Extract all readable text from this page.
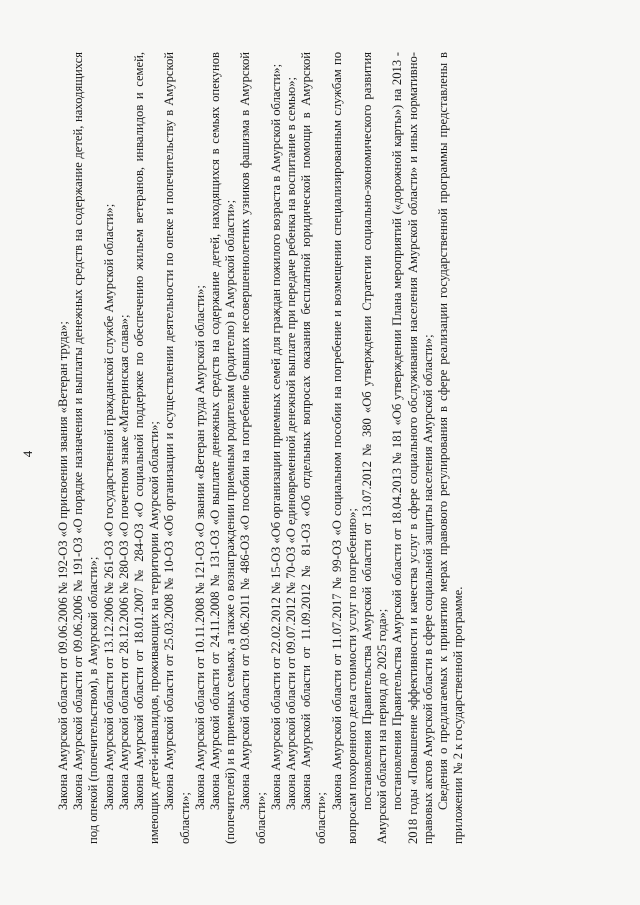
4 Закона Амурской области от 09.06.2006 № 192-ОЗ «О присвоении звания «Ветеран труда»; Закона Амурской области от 09.06.2006 № 191-ОЗ «О порядке назначения и выплаты денежных средств на содержание детей, находящихся под опекой (попечительством), в Амурской области»; Закона Амурской области от 13.12.2006 № 261-ОЗ «О государственной гражданской службе Амурской области»; Закона Амурской области от 28.12.2006 № 280-ОЗ «О почетном знаке «Материнская слава»; Закона Амурской области от 18.01.2007 № 284-ОЗ «О социальной поддержке по обеспечению жильем ветеранов, инвалидов и семей, имеющих детей-инвалидов, проживающих на территории Амурской области»; Закона Амурской области от 25.03.2008 № 10-ОЗ «Об организации и осуществлении деятельности по опеке и попечительству в Амурской области»;

Закона Амурской области от 10.11.2008 № 121-ОЗ «О звании «Ветеран труда Амурской области»; Закона Амурской области от 24.11.2008 № 131-ОЗ «О выплате денежных средств на содержание детей, находящихся в семьях опекунов (попечителей) и в приемных семьях, а также о вознаграждении приемным родителям (родителю) в Амурской области»; Закона Амурской области от 03.06.2011 № 486-ОЗ «О пособии на погребение бывших несовершеннолетних узников фашизма в Амурской области»;

Закона Амурской области от 22.02.2012 № 15-ОЗ «Об организации приемных семей для граждан пожилого возраста в Амурской области»; Закона Амурской области от 09.07.2012 № 70-ОЗ «О единовременной денежной выплате при передаче ребенка на воспитание в семью»; Закона Амурской области от 11.09.2012 № 81-ОЗ «Об отдельных вопросах оказания бесплатной юридической помощи в Амурской области»;

Закона Амурской области от 11.07.2017 № 99-ОЗ «О социальном пособии на погребение и возмещении специализированным службам по вопросам похоронного дела стоимости услуг по погребению»; постановления Правительства Амурской области от 13.07.2012 № 380 «Об утверждении Стратегии социально-экономического развития Амурской области на период до 2025 года»; постановления Правительства Амурской области от 18.04.2013 № 181 «Об утверждении Плана мероприятий («дорожной карты») на 2013 - 2018 годы «Повышение эффективности и качества услуг в сфере социального обслуживания населения Амурской области» и иных нормативно-правовых актов Амурской области в сфере социальной защиты населения Амурской области»; Сведения о предлагаемых к принятию мерах правового регулирования в сфере реализации государственной программы представлены в приложении № 2 к государственной программе.
